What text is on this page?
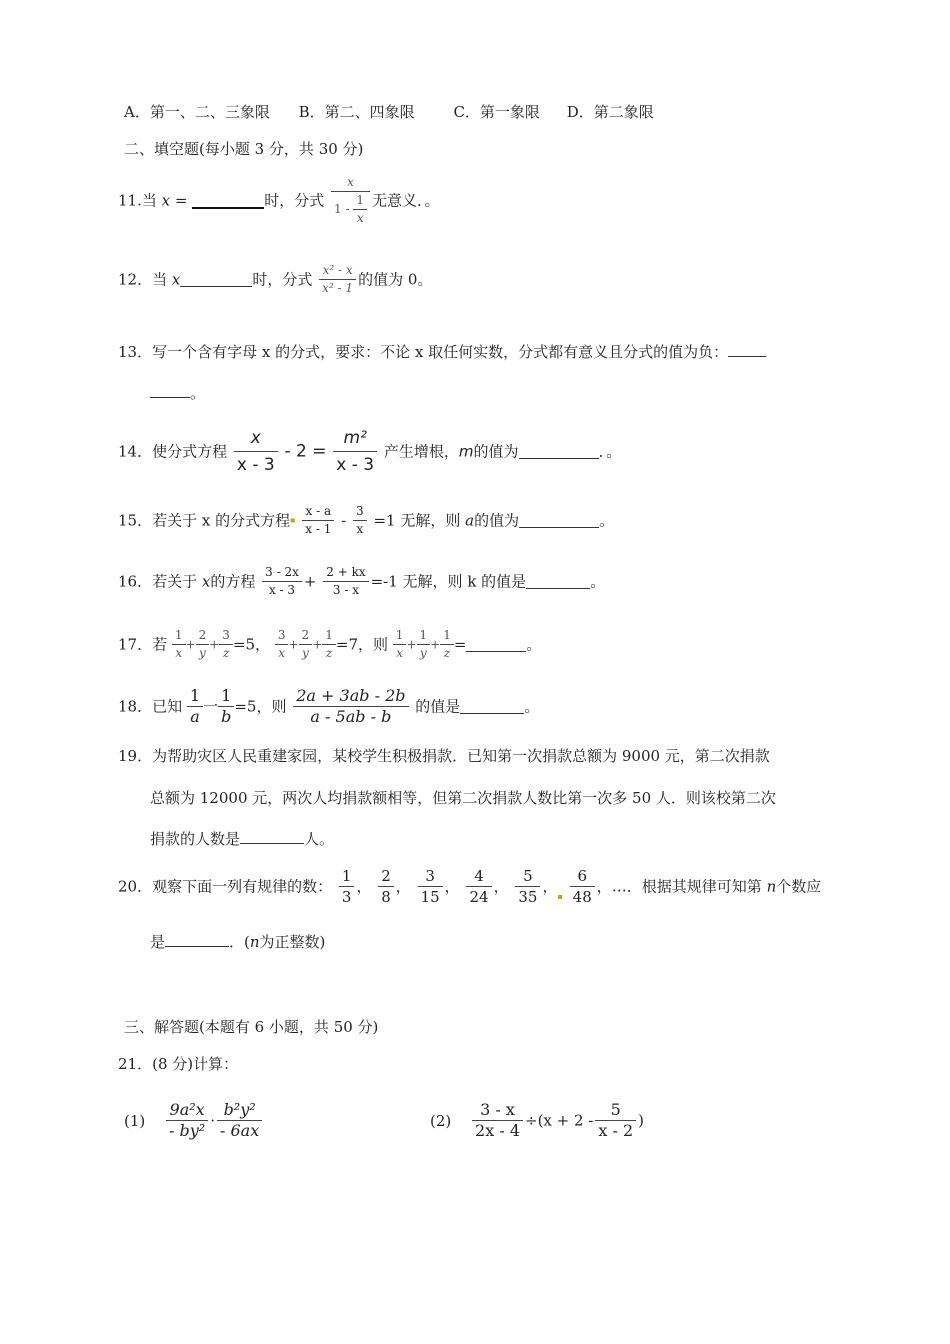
A．第一、二、三象限 B．第二、四象限	C．第一象限 D．第二象限
二、填空题(每小题 3 分，共 30 分)
11.当 x =	时，分式 $\frac{x}{1 - \frac{1}{x}}$ 无意义．。
12．当 x	时，分式 $\frac{\text{x² - x}}{\text{x² - 1}}$ 的值为 0。
13．写一个含有字母 x 的分式，要求：不论 x 取任何实数，分式都有意义且分式的值为负：
。
14．使分式方程 $\frac{x}{x - 3} - 2 = \frac{\text{m²}}{x - 3}$ 产生增根，m的值为	．。
15．若关于 x 的分式方程▪ $\frac{x - a}{x - 1} - \frac{3}{x} =1$ 无解，则 a的值为	。
16．若关于 x的方程 $\frac{3 - 2x}{x - 3} + \frac{2 + kx}{3 - x} =-1$ 无解，则 k 的值是	。
17．若 $\frac{1}{x} + \frac{2}{y} + \frac{3}{z} =5$， $\frac{3}{x} + \frac{2}{y} + \frac{1}{z} =7$，则 $\frac{1}{x} + \frac{1}{y} + \frac{1}{z}$ =	。
18．已知 $\frac{1}{a}$ 一 $\frac{1}{b} =5$，则 $\frac{2a + 3ab - 2b}{a - 5ab - b}$ 的值是	。
19．为帮助灾区人民重建家园，某校学生积极捐款．已知第一次捐款总额为 9000 元，第二次捐款
总额为 12000 元，两次人均捐款额相等，但第二次捐款人数比第一次多 50 人．则该校第二次
捐款的人数是	人。
20．观察下面一列有规律的数： $\frac{1}{3}$ ， $\frac{2}{8}$ ， $\frac{3}{15}$ ， $\frac{4}{24}$ ， $\frac{5}{35}$ ，▪ $\frac{6}{48}$ ，…．根据其规律可知第 n个数应
是	．(n为正整数)
三、解答题(本题有 6 小题，共 50 分)
21．(8 分)计算：
$(1) \frac{\text{9a²x}}{\text{- by²}} \cdot \frac{\text{b²y²}}{- 6ax}$	$(2) \frac{3 - x}{2x - 4} \div(x + 2 - \frac{5}{x - 2}$ )
